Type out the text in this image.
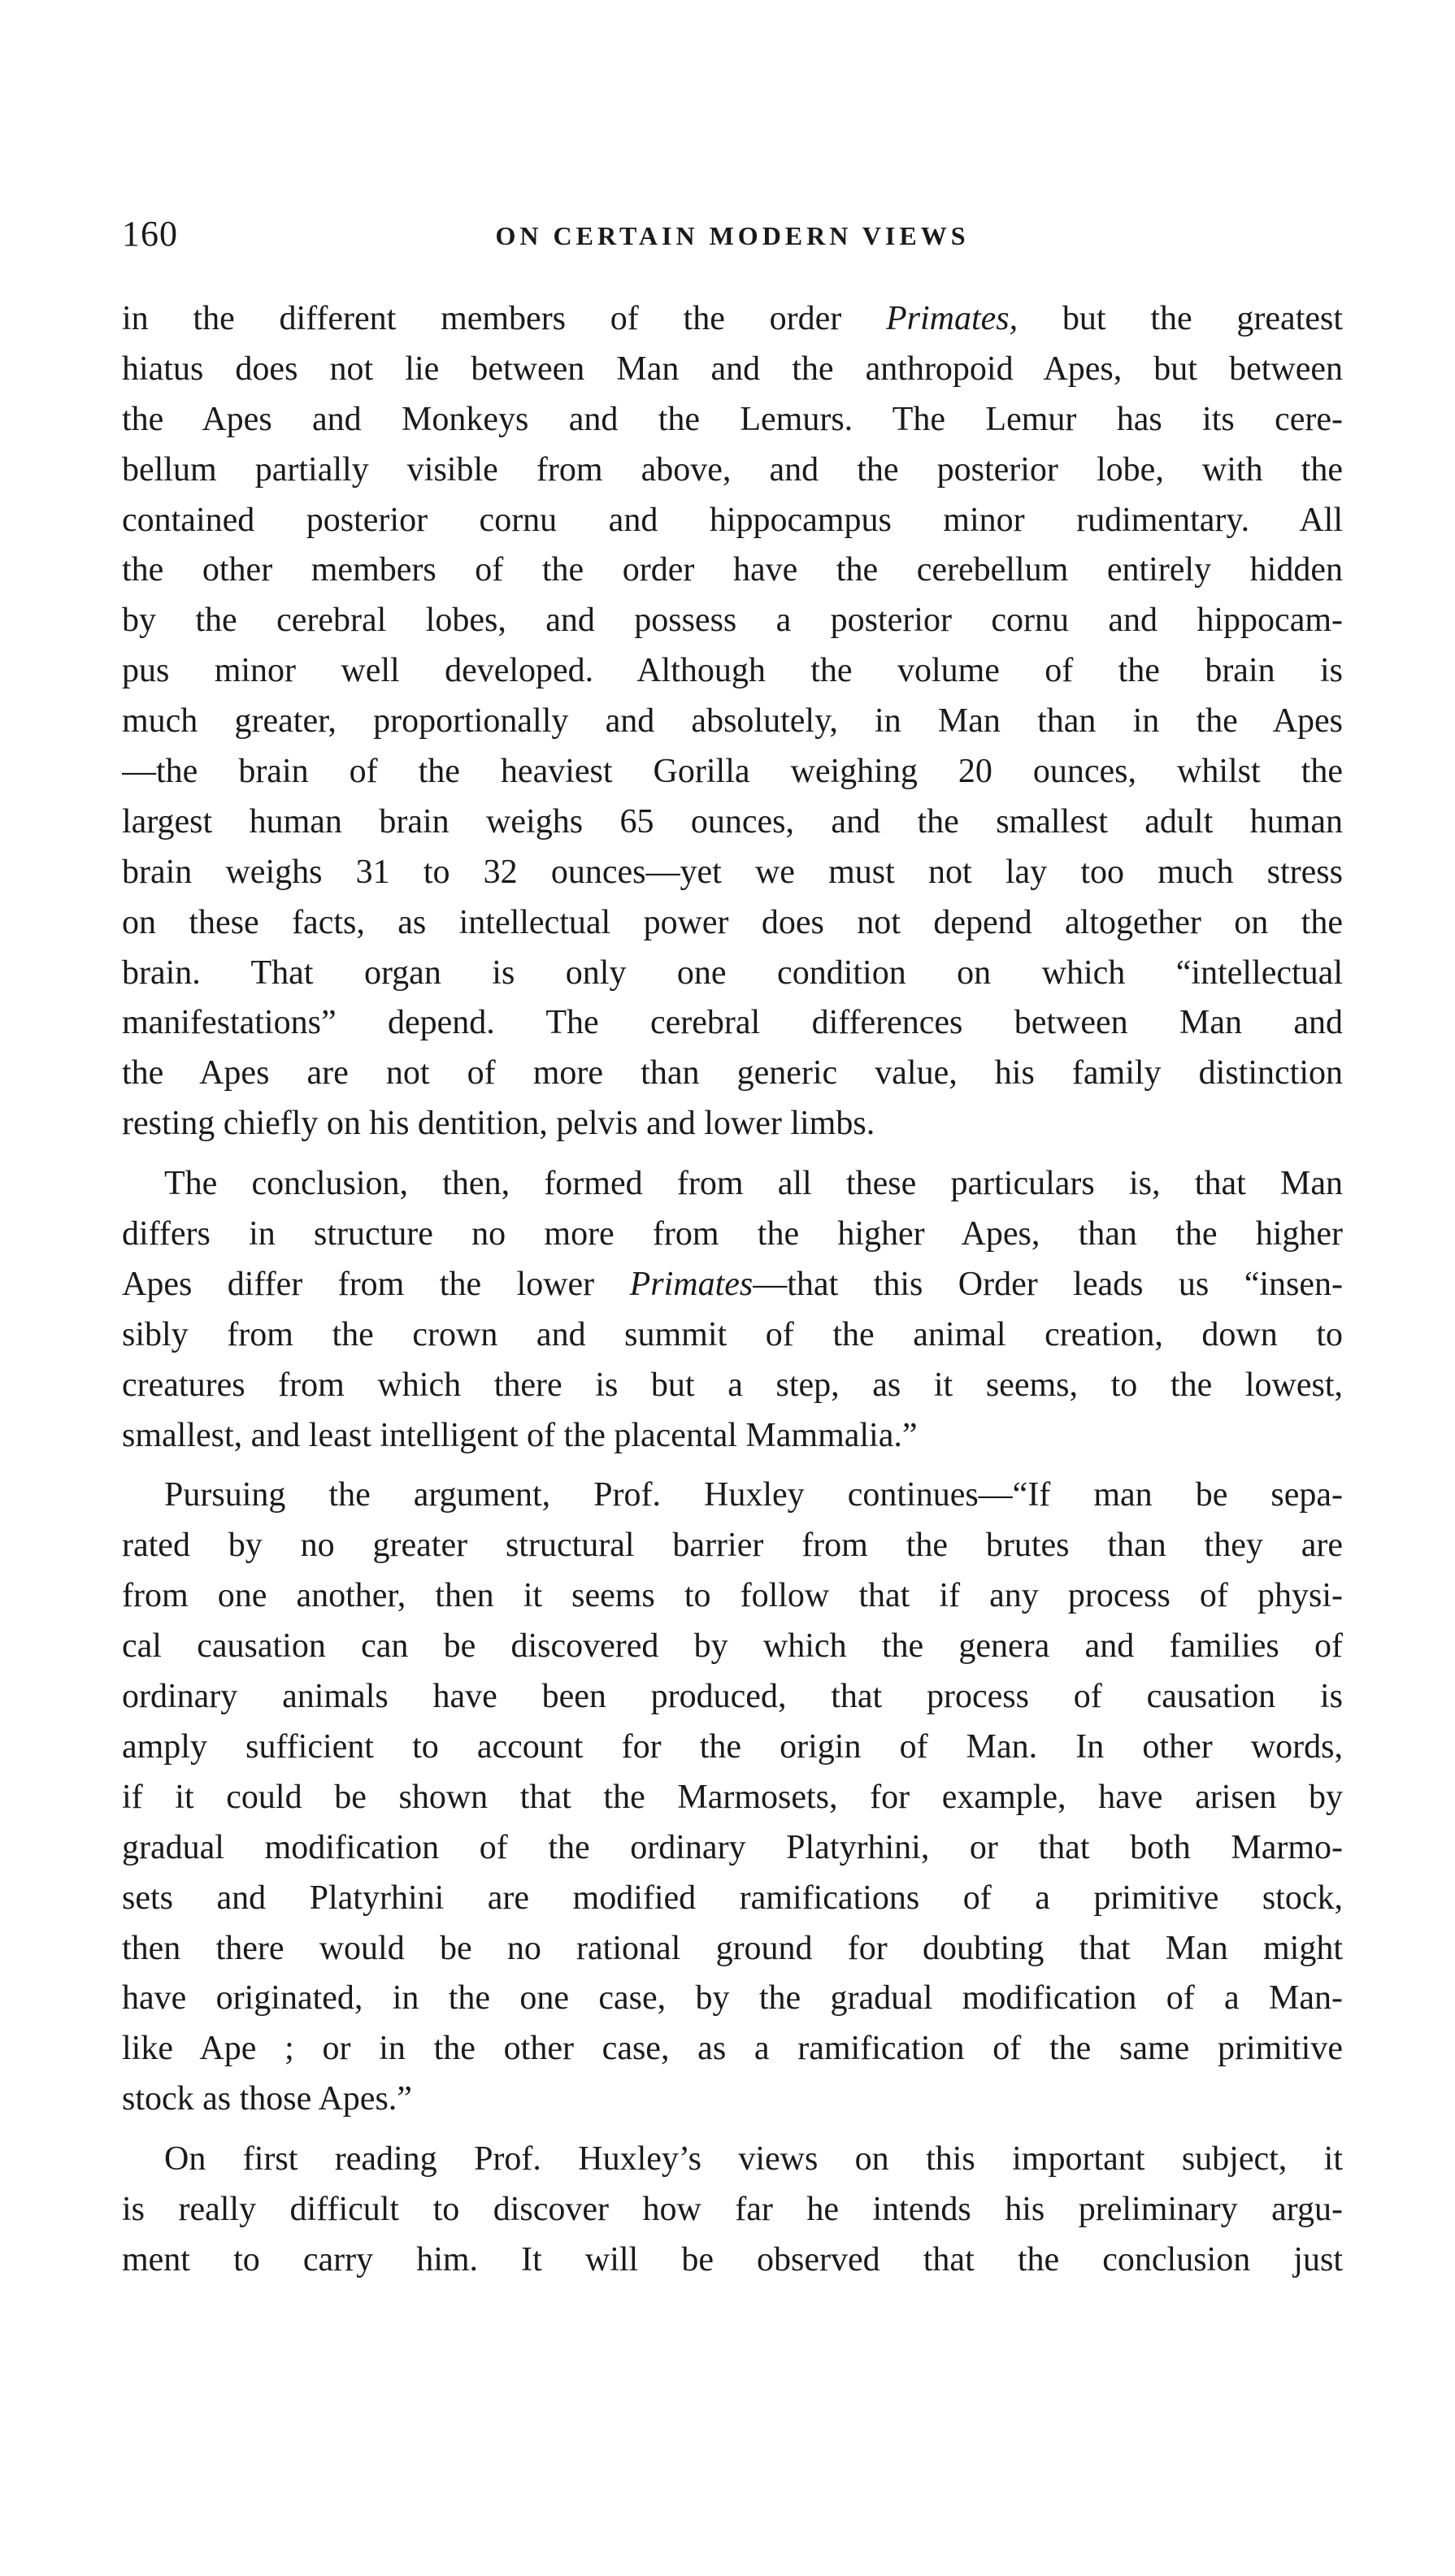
160	ON CERTAIN MODERN VIEWS
in the different members of the order Primates, but the greatest
hiatus does not lie between Man and the anthropoid Apes, but between
the Apes and Monkeys and the Lemurs. The Lemur has its cere-
bellum partially visible from above, and the posterior lobe, with the
contained posterior cornu and hippocampus minor rudimentary. All
the other members of the order have the cerebellum entirely hidden
by the cerebral lobes, and possess a posterior cornu and hippocam-
pus minor well developed. Although the volume of the brain is
much greater, proportionally and absolutely, in Man than in the Apes
—the brain of the heaviest Gorilla weighing 20 ounces, whilst the
largest human brain weighs 65 ounces, and the smallest adult human
brain weighs 31 to 32 ounces—yet we must not lay too much stress
on these facts, as intellectual power does not depend altogether on the
brain. That organ is only one condition on which “intellectual
manifestations” depend. The cerebral differences between Man and
the Apes are not of more than generic value, his family distinction
resting chiefly on his dentition, pelvis and lower limbs.
The conclusion, then, formed from all these particulars is, that Man
differs in structure no more from the higher Apes, than the higher
Apes differ from the lower Primates—that this Order leads us “insen-
sibly from the crown and summit of the animal creation, down to
creatures from which there is but a step, as it seems, to the lowest,
smallest, and least intelligent of the placental Mammalia.”
Pursuing the argument, Prof. Huxley continues—“If man be sepa-
rated by no greater structural barrier from the brutes than they are
from one another, then it seems to follow that if any process of physi-
cal causation can be discovered by which the genera and families of
ordinary animals have been produced, that process of causation is
amply sufficient to account for the origin of Man. In other words,
if it could be shown that the Marmosets, for example, have arisen by
gradual modification of the ordinary Platyrhini, or that both Marmo-
sets and Platyrhini are modified ramifications of a primitive stock,
then there would be no rational ground for doubting that Man might
have originated, in the one case, by the gradual modification of a Man-
like Ape ; or in the other case, as a ramification of the same primitive
stock as those Apes.”
On first reading Prof. Huxley’s views on this important subject, it
is really difficult to discover how far he intends his preliminary argu-
ment to carry him. It will be observed that the conclusion just
